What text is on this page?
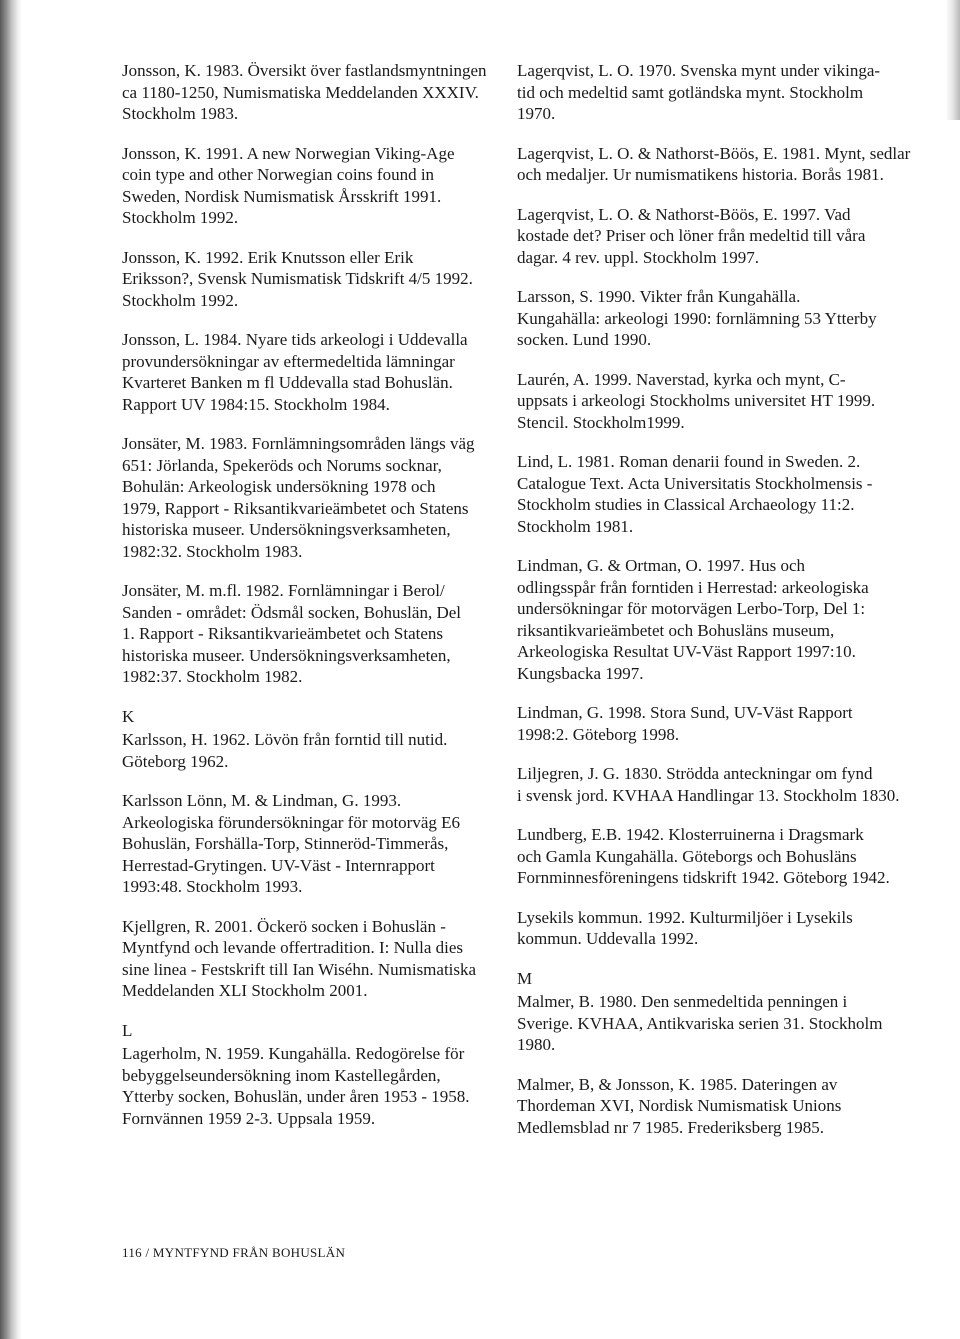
Jonsson, K. 1983. Översikt över fastlandsmyntningen
ca 1180-1250, Numismatiska Meddelanden XXXIV.
Stockholm 1983.
Jonsson, K. 1991. A new Norwegian Viking-Age
coin type and other Norwegian coins found in
Sweden, Nordisk Numismatisk Årsskrift 1991.
Stockholm 1992.
Jonsson, K. 1992. Erik Knutsson eller Erik
Eriksson?, Svensk Numismatisk Tidskrift 4/5 1992.
Stockholm 1992.
Jonsson, L. 1984. Nyare tids arkeologi i Uddevalla
provundersökningar av eftermedeltida lämningar
Kvarteret Banken m fl Uddevalla stad Bohuslän.
Rapport UV 1984:15. Stockholm 1984.
Jonsäter, M. 1983. Fornlämningsområden längs väg
651: Jörlanda, Spekeröds och Norums socknar,
Bohulän: Arkeologisk undersökning 1978 och
1979, Rapport - Riksantikvarieämbetet och Statens
historiska museer. Undersökningsverksamheten,
1982:32. Stockholm 1983.
Jonsäter, M. m.fl. 1982. Fornlämningar i Berol/
Sanden - området: Ödsmål socken, Bohuslän, Del
1. Rapport - Riksantikvarieämbetet och Statens
historiska museer. Undersökningsverksamheten,
1982:37. Stockholm 1982.
K
Karlsson, H. 1962. Lövön från forntid till nutid.
Göteborg 1962.
Karlsson Lönn, M. & Lindman, G. 1993.
Arkeologiska förundersökningar för motorväg E6
Bohuslän, Forshälla-Torp, Stinneröd-Timmerås,
Herrestad-Grytingen. UV-Väst - Internrapport
1993:48. Stockholm 1993.
Kjellgren, R. 2001. Öckerö socken i Bohuslän -
Myntfynd och levande offertradition. I: Nulla dies
sine linea - Festskrift till Ian Wiséhn. Numismatiska
Meddelanden XLI Stockholm 2001.
L
Lagerholm, N. 1959. Kungahälla. Redogörelse för
bebyggelseundersökning inom Kastellegården,
Ytterby socken, Bohuslän, under åren 1953 - 1958.
Fornvännen 1959 2-3. Uppsala 1959.
Lagerqvist, L. O. 1970. Svenska mynt under vikinga-
tid och medeltid samt gotländska mynt. Stockholm
1970.
Lagerqvist, L. O. & Nathorst-Böös, E. 1981. Mynt, sedlar
och medaljer. Ur numismatikens historia. Borås 1981.
Lagerqvist, L. O. & Nathorst-Böös, E. 1997. Vad
kostade det? Priser och löner från medeltid till våra
dagar. 4 rev. uppl. Stockholm 1997.
Larsson, S. 1990. Vikter från Kungahälla.
Kungahälla: arkeologi 1990: fornlämning 53 Ytterby
socken. Lund 1990.
Laurén, A. 1999. Naverstad, kyrka och mynt, C-
uppsats i arkeologi Stockholms universitet HT 1999.
Stencil. Stockholm1999.
Lind, L. 1981. Roman denarii found in Sweden. 2.
Catalogue Text. Acta Universitatis Stockholmensis -
Stockholm studies in Classical Archaeology 11:2.
Stockholm 1981.
Lindman, G. & Ortman, O. 1997. Hus och
odlingsspår från forntiden i Herrestad: arkeologiska
undersökningar för motorvägen Lerbo-Torp, Del 1:
riksantikvarieämbetet och Bohusläns museum,
Arkeologiska Resultat UV-Väst Rapport 1997:10.
Kungsbacka 1997.
Lindman, G. 1998. Stora Sund, UV-Väst Rapport
1998:2. Göteborg 1998.
Liljegren, J. G. 1830. Strödda anteckningar om fynd
i svensk jord. KVHAA Handlingar 13. Stockholm 1830.
Lundberg, E.B. 1942. Klosterruinerna i Dragsmark
och Gamla Kungahälla. Göteborgs och Bohusläns
Fornminnesföreningens tidskrift 1942. Göteborg 1942.
Lysekils kommun. 1992. Kulturmiljöer i Lysekils
kommun. Uddevalla 1992.
M
Malmer, B. 1980. Den senmedeltida penningen i
Sverige. KVHAA, Antikvariska serien 31. Stockholm
1980.
Malmer, B, & Jonsson, K. 1985. Dateringen av
Thordeman XVI, Nordisk Numismatisk Unions
Medlemsblad nr 7 1985. Frederiksberg 1985.
116 / MYNTFYND FRÅN BOHUSLÄN
